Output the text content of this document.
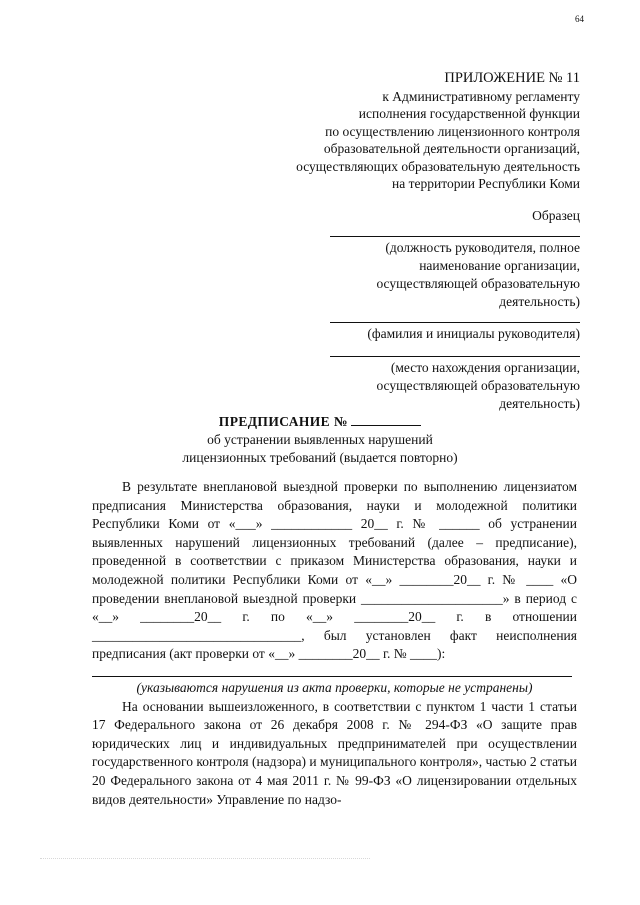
64
ПРИЛОЖЕНИЕ № 11
к Административному регламенту
исполнения государственной функции
по осуществлению лицензионного контроля
образовательной деятельности организаций,
осуществляющих образовательную деятельность
на территории Республики Коми
Образец
(должность руководителя, полное
наименование организации,
осуществляющей образовательную
деятельность)
(фамилия и инициалы руководителя)
(место нахождения организации,
осуществляющей образовательную
деятельность)
ПРЕДПИСАНИЕ №
об устранении выявленных нарушений
лицензионных требований (выдается повторно)
В результате внеплановой выездной проверки по выполнению лицензиатом предписания Министерства образования, науки и молодежной политики Республики Коми от «___» ____________ 20__ г. № ______ об устранении выявленных нарушений лицензионных требований (далее – предписание), проведенной в соответствии с приказом Министерства образования, науки и молодежной политики Республики Коми от «__» ________20__ г. № ____ «О проведении внеплановой выездной проверки _____________________» в период с «__» ________20__ г. по «__» ________20__ г. в отношении _______________________________, был установлен факт неисполнения предписания (акт проверки от «__» ________20__ г. № ____):
(указываются нарушения из акта проверки, которые не устранены)
На основании вышеизложенного, в соответствии с пунктом 1 части 1 статьи 17 Федерального закона от 26 декабря 2008 г. № 294-ФЗ «О защите прав юридических лиц и индивидуальных предпринимателей при осуществлении государственного контроля (надзора) и муниципального контроля», частью 2 статьи 20 Федерального закона от 4 мая 2011 г. № 99-ФЗ «О лицензировании отдельных видов деятельности» Управление по надзо-
